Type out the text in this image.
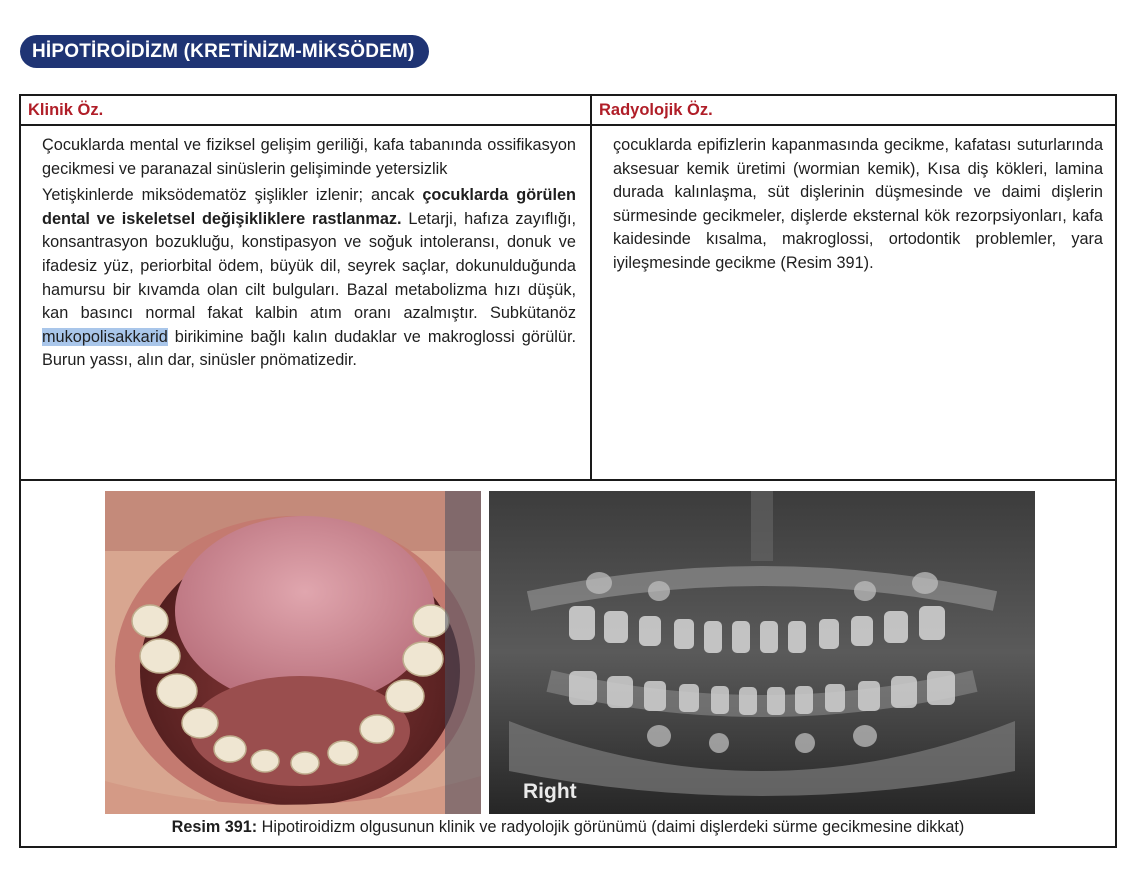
HİPOTİROİDİZM (KRETİNİZM-MİKSÖDEM)
Klinik Öz.	Radyolojik Öz.

Çocuklarda mental ve fiziksel gelişim geriliği, kafa tabanında ossifikasyon gecikmesi ve paranazal sinüslerin gelişiminde yetersizlik

Yetişkinlerde miksödematöz şişlikler izlenir; ancak çocuklarda görülen dental ve iskeletsel değişikliklere rastlanmaz. Letarji, hafıza zayıflığı, konsantrasyon bozukluğu, konstipasyon ve soğuk intoleransı, donuk ve ifadesiz yüz, periorbital ödem, büyük dil, seyrek saçlar, dokunulduğunda hamursu bir kıvamda olan cilt bulguları. Bazal metabolizma hızı düşük, kan basıncı normal fakat kalbin atım oranı azalmıştır. Subkütanöz mukopolisakkarid birikimine bağlı kalın dudaklar ve makroglossi görülür. Burun yassı, alın dar, sinüsler pnömatizedir.

çocuklarda epifizlerin kapanmasında gecikme, kafatası suturlarında aksesuar kemik üretimi (wormian kemik), Kısa diş kökleri, lamina durada kalınlaşma, süt dişlerinin düşmesinde ve daimi dişlerin sürmesinde gecikmeler, dişlerde eksternal kök rezorpsiyonları, kafa kaidesinde kısalma, makroglossi, ortodontik problemler, yara iyileşmesinde gecikme (Resim 391).

Right
Resim 391: Hipotiroidizm olgusunun klinik ve radyolojik görünümü (daimi dişlerdeki sürme gecikmesine dikkat)
